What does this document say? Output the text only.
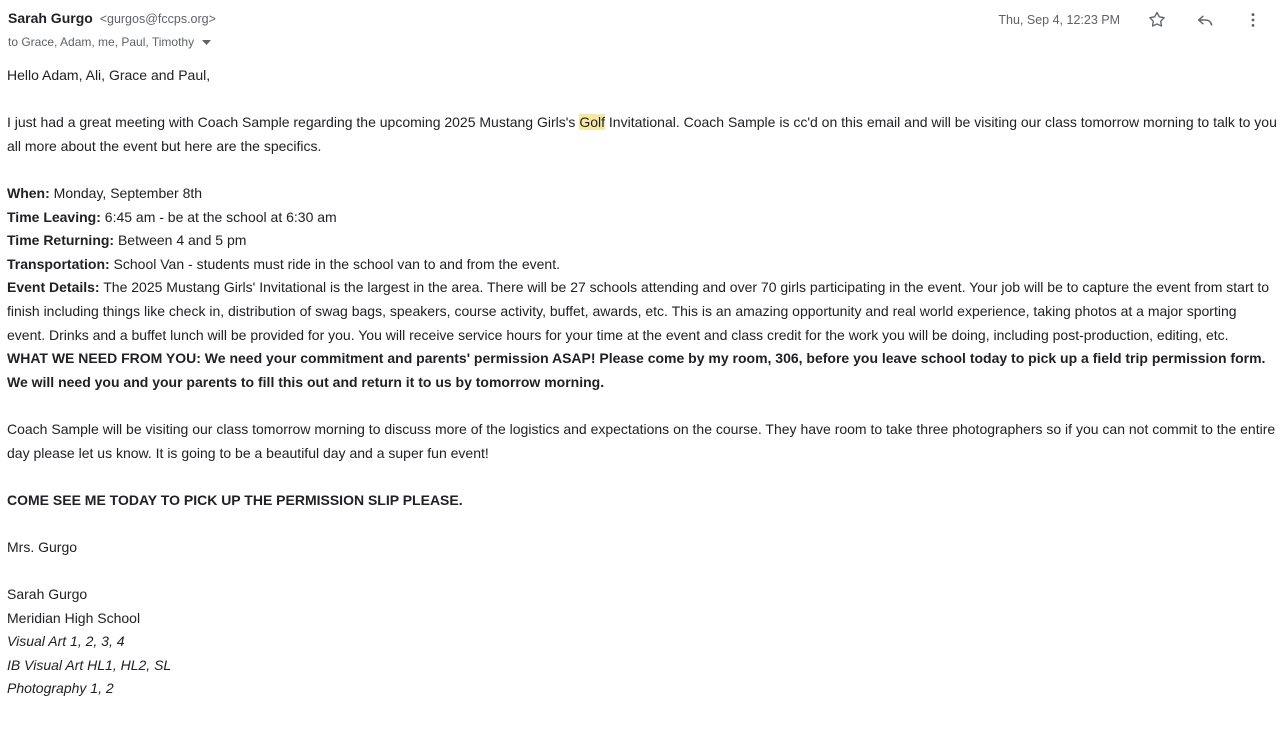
Sarah Gurgo <gurgos@fccps.org>
to Grace, Adam, me, Paul, Timothy
Thu, Sep 4, 12:23 PM
Hello Adam, Ali, Grace and Paul,
I just had a great meeting with Coach Sample regarding the upcoming 2025 Mustang Girls's Golf Invitational. Coach Sample is cc'd on this email and will be visiting our class tomorrow morning to talk to you all more about the event but here are the specifics.
When: Monday, September 8th
Time Leaving: 6:45 am - be at the school at 6:30 am
Time Returning: Between 4 and 5 pm
Transportation: School Van - students must ride in the school van to and from the event.
Event Details: The 2025 Mustang Girls' Invitational is the largest in the area. There will be 27 schools attending and over 70 girls participating in the event. Your job will be to capture the event from start to finish including things like check in, distribution of swag bags, speakers, course activity, buffet, awards, etc. This is an amazing opportunity and real world experience, taking photos at a major sporting event. Drinks and a buffet lunch will be provided for you. You will receive service hours for your time at the event and class credit for the work you will be doing, including post-production, editing, etc.
WHAT WE NEED FROM YOU: We need your commitment and parents' permission ASAP! Please come by my room, 306, before you leave school today to pick up a field trip permission form. We will need you and your parents to fill this out and return it to us by tomorrow morning.
Coach Sample will be visiting our class tomorrow morning to discuss more of the logistics and expectations on the course. They have room to take three photographers so if you can not commit to the entire day please let us know. It is going to be a beautiful day and a super fun event!
COME SEE ME TODAY TO PICK UP THE PERMISSION SLIP PLEASE.
Mrs. Gurgo
Sarah Gurgo
Meridian High School
Visual Art 1, 2, 3, 4
IB Visual Art HL1, HL2, SL
Photography 1, 2
